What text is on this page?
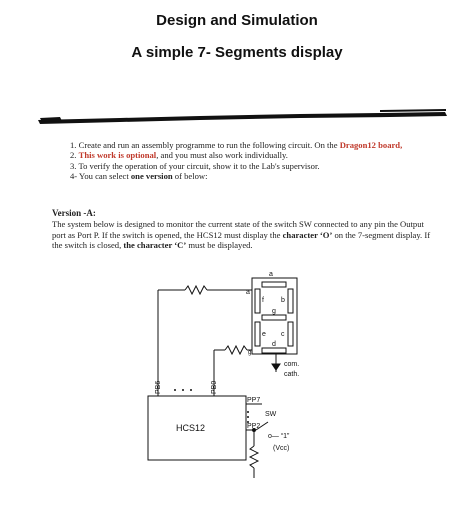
Design and Simulation
A simple 7- Segments display
1. Create and run an assembly programme to run the following circuit. On the Dragon12 board,
2. This work is optional, and you must also work individually.
3. To verify the operation of your circuit, show it to the Lab's supervisor.
4- You can select one version of below:
Version -A:
The system below is designed to monitor the current state of the switch SW connected to any pin the Output port as Port P. If the switch is opened, the HCS12 must display the character ‘O’ on the 7-segment display. If the switch is closed, the character ‘C’ must be displayed.
a
a
f b
g
e c
d
g
com.
cath.
PB6	PB0
PP7
PP2
HCS12
SW
o— “1”
(Vcc)
